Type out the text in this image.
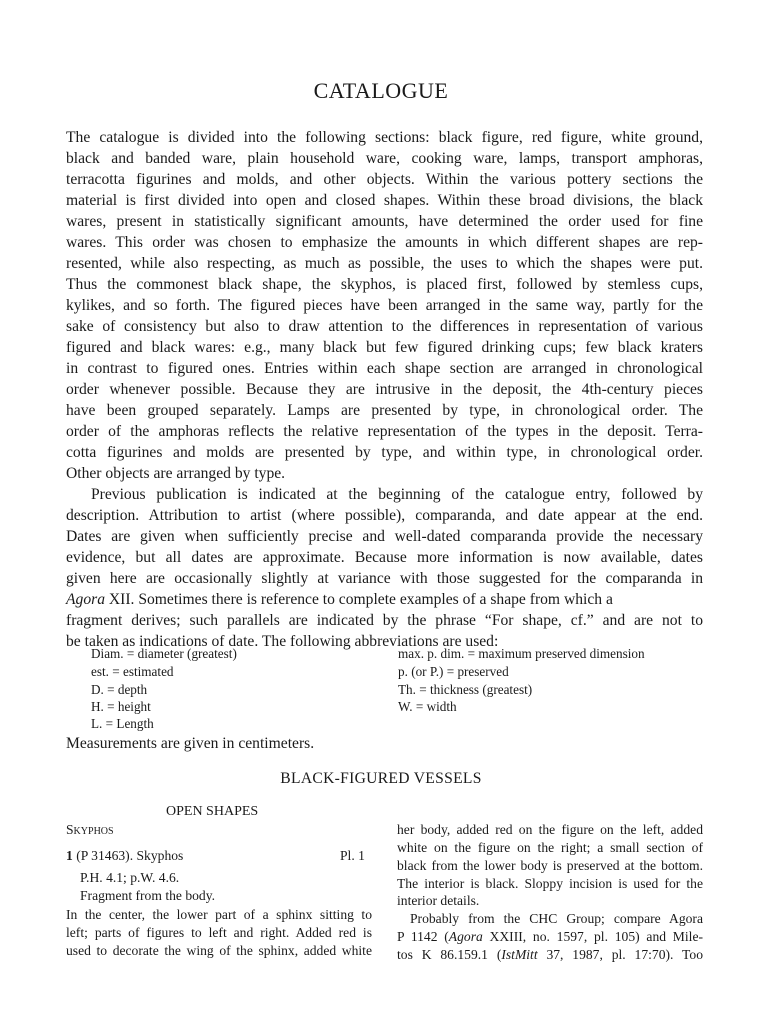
CATALOGUE
The catalogue is divided into the following sections: black figure, red figure, white ground,
black and banded ware, plain household ware, cooking ware, lamps, transport amphoras,
terracotta figurines and molds, and other objects. Within the various pottery sections the
material is first divided into open and closed shapes. Within these broad divisions, the black
wares, present in statistically significant amounts, have determined the order used for fine
wares. This order was chosen to emphasize the amounts in which different shapes are rep-
resented, while also respecting, as much as possible, the uses to which the shapes were put.
Thus the commonest black shape, the skyphos, is placed first, followed by stemless cups,
kylikes, and so forth. The figured pieces have been arranged in the same way, partly for the
sake of consistency but also to draw attention to the differences in representation of various
figured and black wares: e.g., many black but few figured drinking cups; few black kraters
in contrast to figured ones. Entries within each shape section are arranged in chronological
order whenever possible. Because they are intrusive in the deposit, the 4th-century pieces
have been grouped separately. Lamps are presented by type, in chronological order. The
order of the amphoras reflects the relative representation of the types in the deposit. Terra-
cotta figurines and molds are presented by type, and within type, in chronological order.
Other objects are arranged by type.
Previous publication is indicated at the beginning of the catalogue entry, followed by
description. Attribution to artist (where possible), comparanda, and date appear at the end.
Dates are given when sufficiently precise and well-dated comparanda provide the necessary
evidence, but all dates are approximate. Because more information is now available, dates
given here are occasionally slightly at variance with those suggested for the comparanda in
Agora XII. Sometimes there is reference to complete examples of a shape from which a
fragment derives; such parallels are indicated by the phrase “For shape, cf.” and are not to
be taken as indications of date. The following abbreviations are used:
Diam. = diameter (greatest)
est. = estimated
D. = depth
H. = height
L. = Length
max. p. dim. = maximum preserved dimension
p. (or P.) = preserved
Th. = thickness (greatest)
W. = width
Measurements are given in centimeters.
BLACK-FIGURED VESSELS
OPEN SHAPES
Skyphos
1 (P 31463). Skyphos	Pl. 1
P.H. 4.1; p.W. 4.6.
Fragment from the body.
In the center, the lower part of a sphinx sitting to
left; parts of figures to left and right. Added red is
used to decorate the wing of the sphinx, added white
her body, added red on the figure on the left, added
white on the figure on the right; a small section of
black from the lower body is preserved at the bottom.
The interior is black. Sloppy incision is used for the
interior details.
Probably from the CHC Group; compare Agora
P 1142 (Agora XXIII, no. 1597, pl. 105) and Mile-
tos K 86.159.1 (IstMitt 37, 1987, pl. 17:70). Too
